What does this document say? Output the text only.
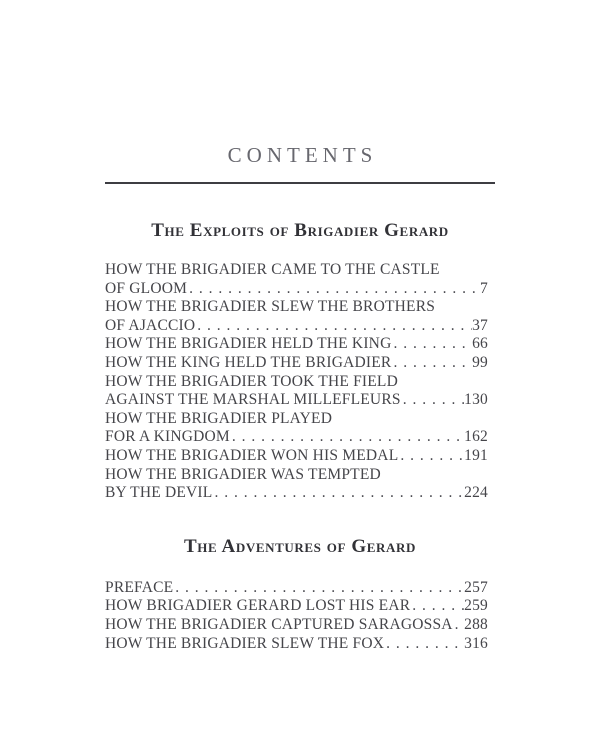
CONTENTS
The Exploits of Brigadier Gerard
HOW THE BRIGADIER CAME TO THE CASTLE
OF GLOOM . . .	7
HOW THE BRIGADIER SLEW THE BROTHERS
OF AJACCIO . . .	37
HOW THE BRIGADIER HELD THE KING . . .	66
HOW THE KING HELD THE BRIGADIER . . .	99
HOW THE BRIGADIER TOOK THE FIELD
AGAINST THE MARSHAL MILLEFLEURS . . .	130
HOW THE BRIGADIER PLAYED
FOR A KINGDOM . . .	162
HOW THE BRIGADIER WON HIS MEDAL . . .	191
HOW THE BRIGADIER WAS TEMPTED
BY THE DEVIL . . .	224
The Adventures of Gerard
PREFACE . . .	257
HOW BRIGADIER GERARD LOST HIS EAR . . .	259
HOW THE BRIGADIER CAPTURED SARAGOSSA . . . 288
HOW THE BRIGADIER SLEW THE FOX . . .	316
